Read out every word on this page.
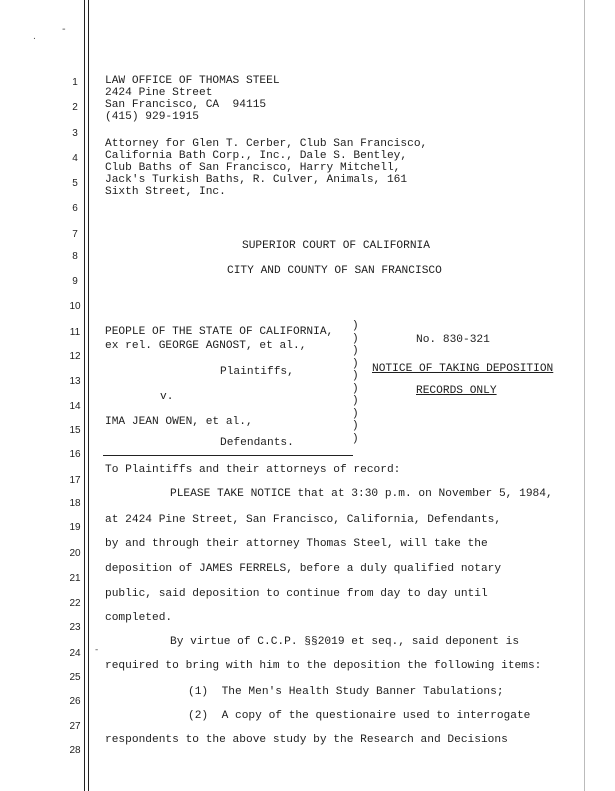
-
.
-
1
2
3
4
5
6
7
8
9
10
11
12
13
14
15
16
17
18
19
20
21
22
23
24
25
26
27
28
LAW OFFICE OF THOMAS STEEL
2424 Pine Street
San Francisco, CA  94115
(415) 929-1915
Attorney for Glen T. Cerber, Club San Francisco,
California Bath Corp., Inc., Dale S. Bentley,
Club Baths of San Francisco, Harry Mitchell,
Jack's Turkish Baths, R. Culver, Animals, 161
Sixth Street, Inc.
SUPERIOR COURT OF CALIFORNIA
CITY AND COUNTY OF SAN FRANCISCO
PEOPLE OF THE STATE OF CALIFORNIA,
ex rel. GEORGE AGNOST, et al.,
Plaintiffs,
v.
IMA JEAN OWEN, et al.,
Defendants.
)
)
)
)
)
)
)
)
)
)
No. 830-321
NOTICE OF TAKING DEPOSITION
RECORDS ONLY
To Plaintiffs and their attorneys of record:
PLEASE TAKE NOTICE that at 3:30 p.m. on November 5, 1984,
at 2424 Pine Street, San Francisco, California, Defendants,
by and through their attorney Thomas Steel, will take the
deposition of JAMES FERRELS, before a duly qualified notary
public, said deposition to continue from day to day until
completed.
By virtue of C.C.P. §§2019 et seq., said deponent is
required to bring with him to the deposition the following items:
(1)  The Men's Health Study Banner Tabulations;
(2)  A copy of the questionaire used to interrogate
respondents to the above study by the Research and Decisions
